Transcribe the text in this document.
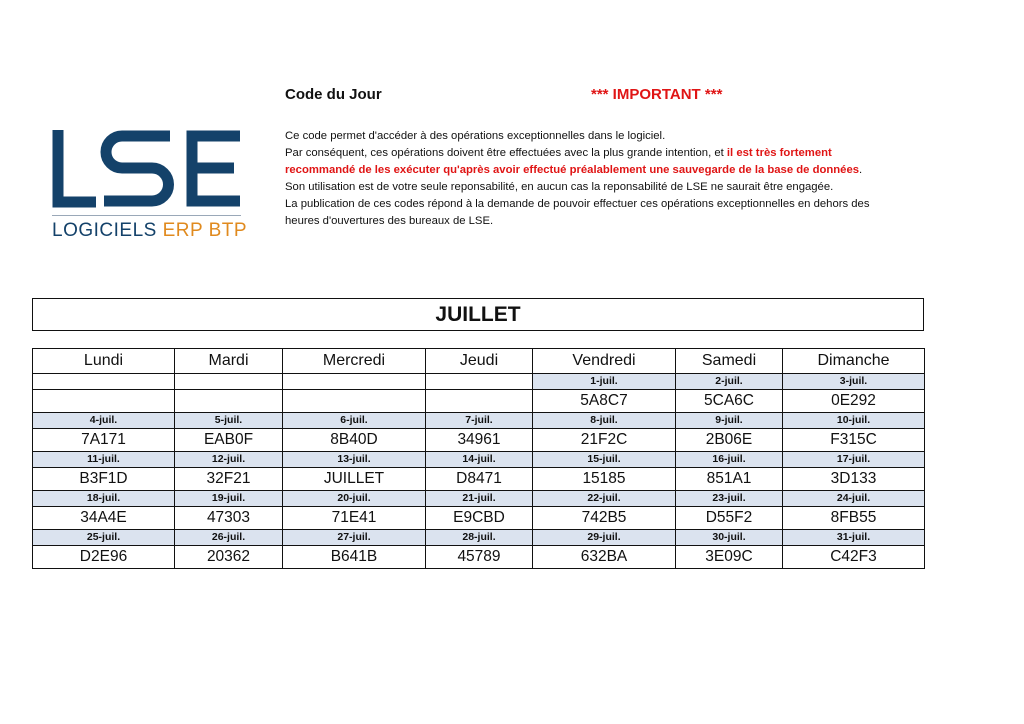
LOGICIELS ERP BTP
Code du Jour	*** IMPORTANT ***

Ce code permet d'accéder à des opérations exceptionnelles dans le logiciel.

Par conséquent, ces opérations doivent être effectuées avec la plus grande intention, et il est très fortement

recommandé de les exécuter qu'après avoir effectué préalablement une sauvegarde de la base de données.

Son utilisation est de votre seule reponsabilité, en aucun cas la reponsabilité de LSE ne saurait être engagée.

La publication de ces codes répond à la demande de pouvoir effectuer ces opérations exceptionnelles en dehors des

heures d'ouvertures des bureaux de LSE.

JUILLET
Lundi	Mardi	Mercredi	Jeudi	Vendredi	Samedi	Dimanche
				1-juil.	2-juil.	3-juil.
				5A8C7	5CA6C	0E292
4-juil.	5-juil.	6-juil.	7-juil.	8-juil.	9-juil.	10-juil.
7A171	EAB0F	8B40D	34961	21F2C	2B06E	F315C
11-juil.	12-juil.	13-juil.	14-juil.	15-juil.	16-juil.	17-juil.
B3F1D	32F21	JUILLET	D8471	15185	851A1	3D133
18-juil.	19-juil.	20-juil.	21-juil.	22-juil.	23-juil.	24-juil.
34A4E	47303	71E41	E9CBD	742B5	D55F2	8FB55
25-juil.	26-juil.	27-juil.	28-juil.	29-juil.	30-juil.	31-juil.
D2E96	20362	B641B	45789	632BA	3E09C	C42F3
